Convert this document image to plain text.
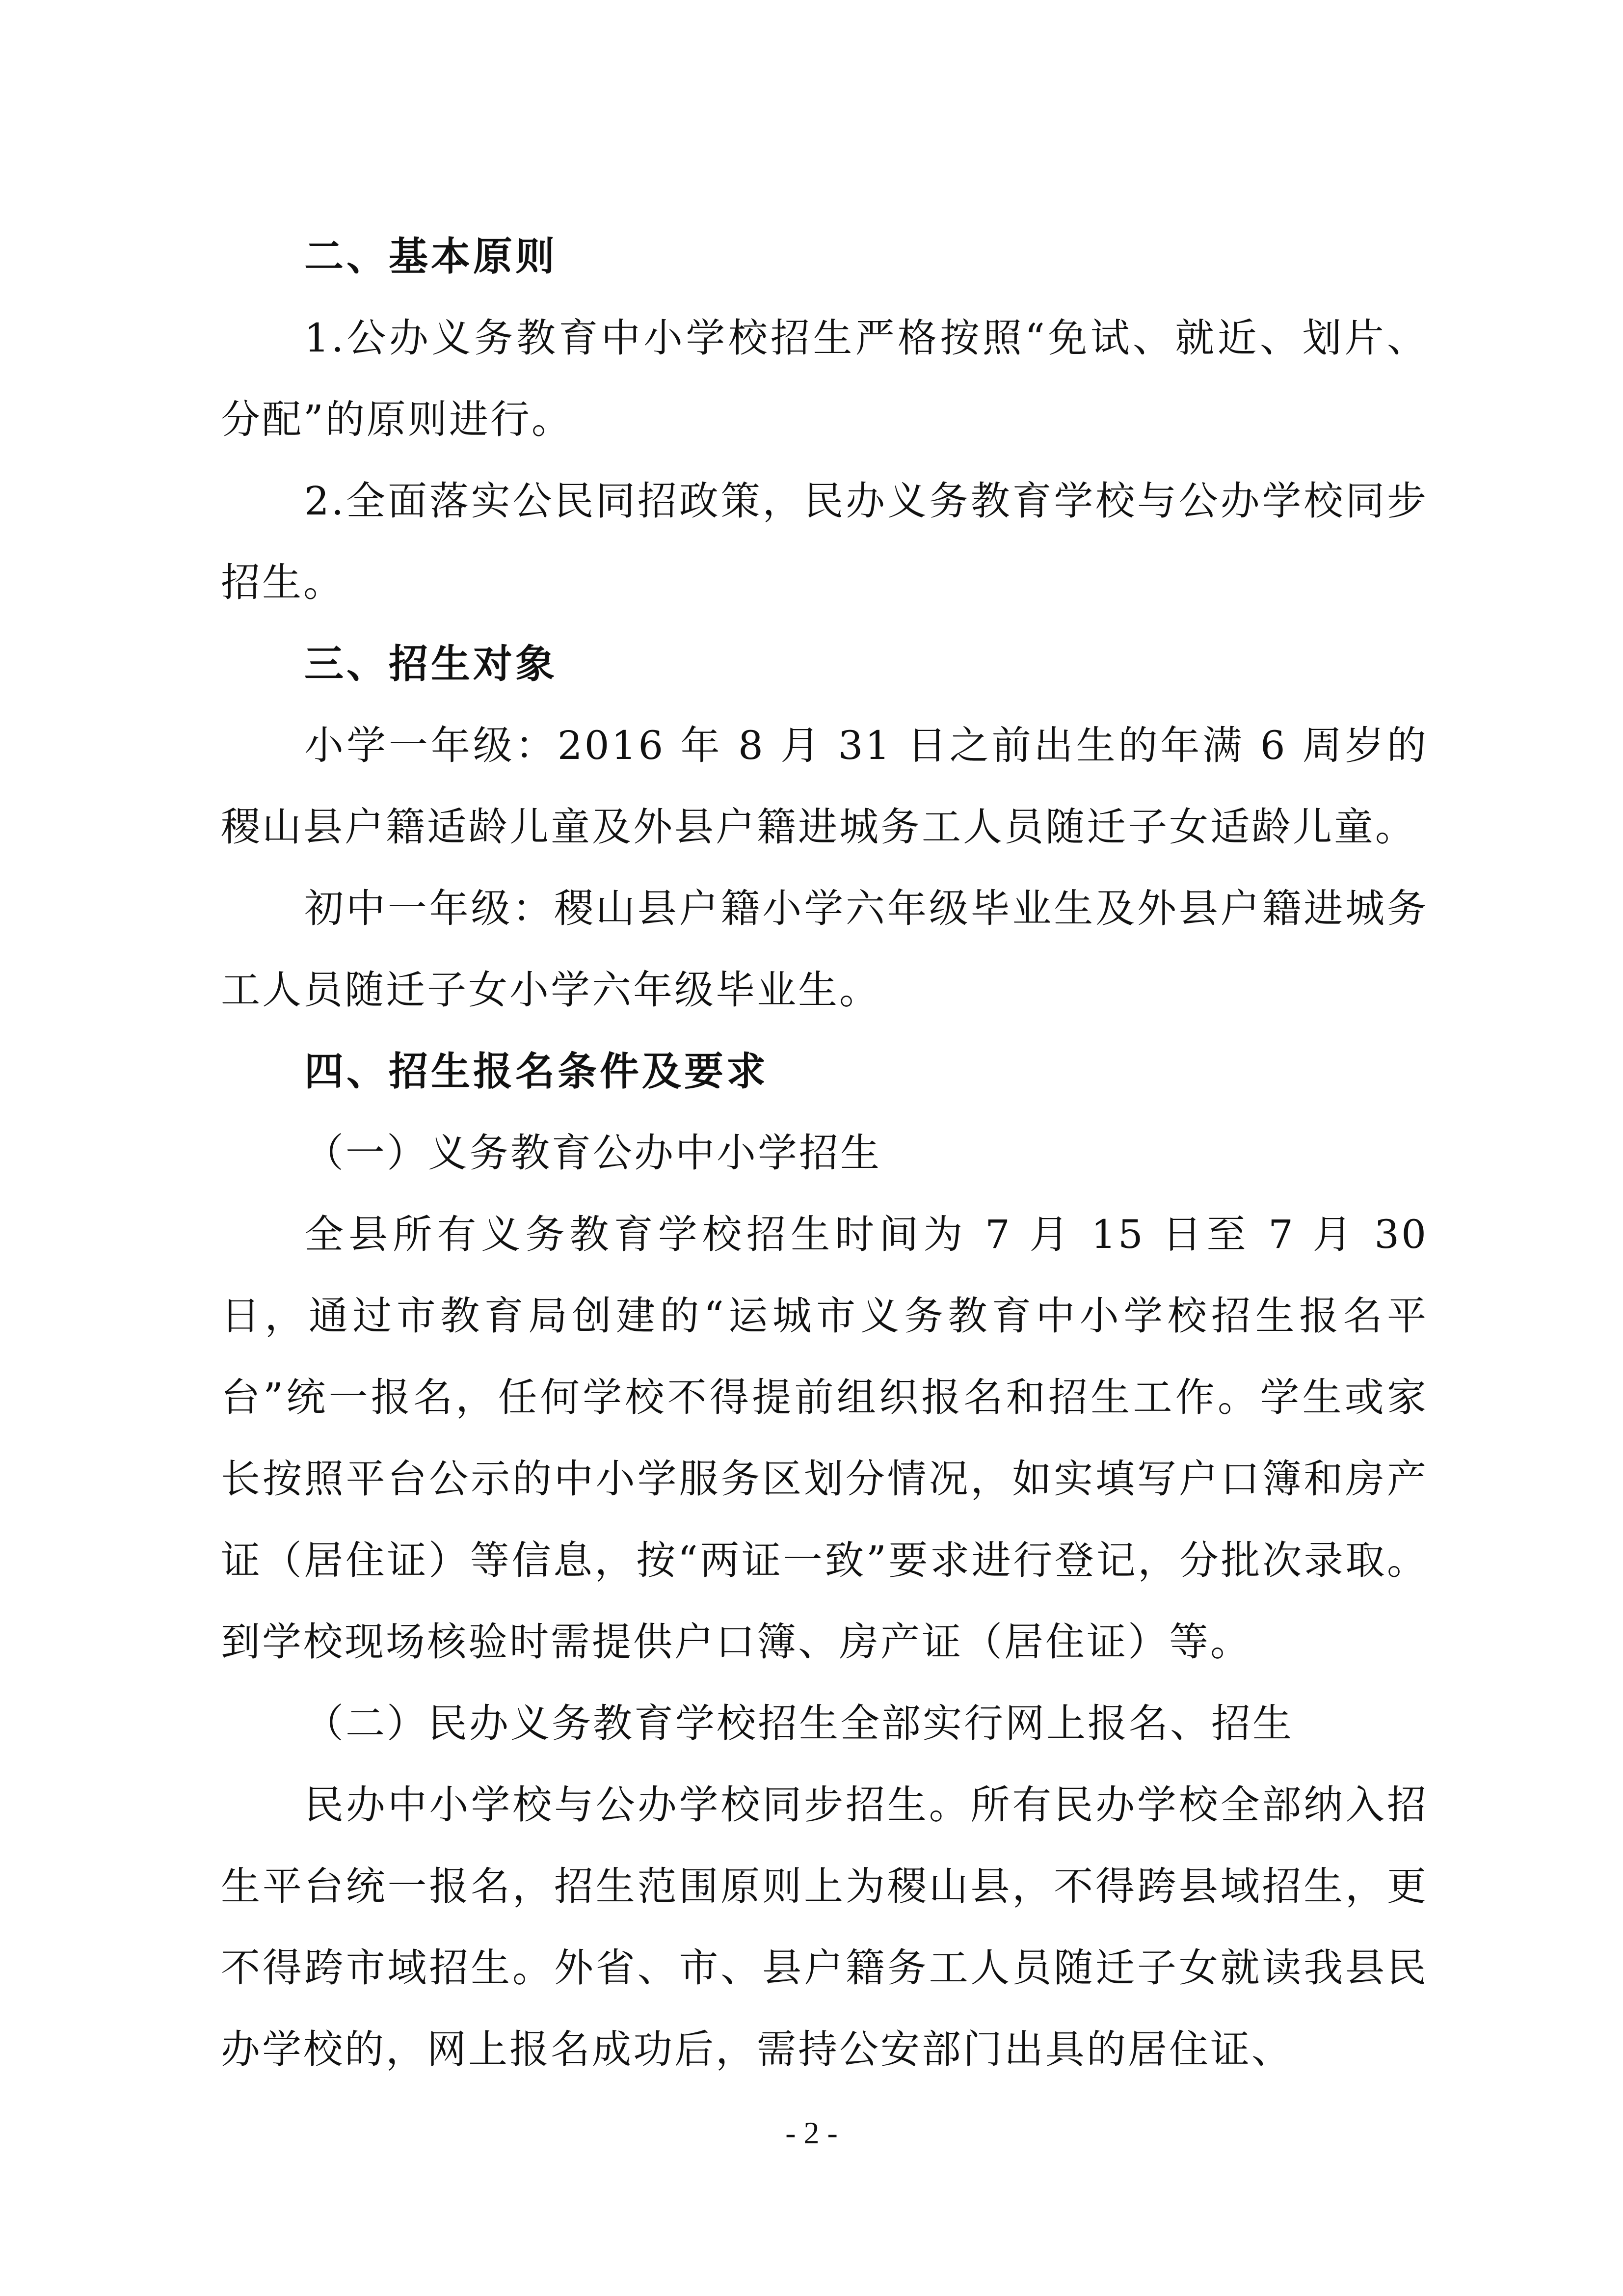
二、基本原则

1.公办义务教育中小学校招生严格按照“免试、就近、划片、分配”的原则进行。

2.全面落实公民同招政策，民办义务教育学校与公办学校同步招生。

三、招生对象

小学一年级：2016 年 8 月 31 日之前出生的年满 6 周岁的稷山县户籍适龄儿童及外县户籍进城务工人员随迁子女适龄儿童。

初中一年级：稷山县户籍小学六年级毕业生及外县户籍进城务工人员随迁子女小学六年级毕业生。

四、招生报名条件及要求

（一）义务教育公办中小学招生

全县所有义务教育学校招生时间为 7 月 15 日至 7 月 30 日，通过市教育局创建的“运城市义务教育中小学校招生报名平台”统一报名，任何学校不得提前组织报名和招生工作。学生或家长按照平台公示的中小学服务区划分情况，如实填写户口簿和房产证（居住证）等信息，按“两证一致”要求进行登记，分批次录取。到学校现场核验时需提供户口簿、房产证（居住证）等。

（二）民办义务教育学校招生全部实行网上报名、招生

民办中小学校与公办学校同步招生。所有民办学校全部纳入招生平台统一报名，招生范围原则上为稷山县，不得跨县域招生，更不得跨市域招生。外省、市、县户籍务工人员随迁子女就读我县民办学校的，网上报名成功后，需持公安部门出具的居住证、

- 2 -
